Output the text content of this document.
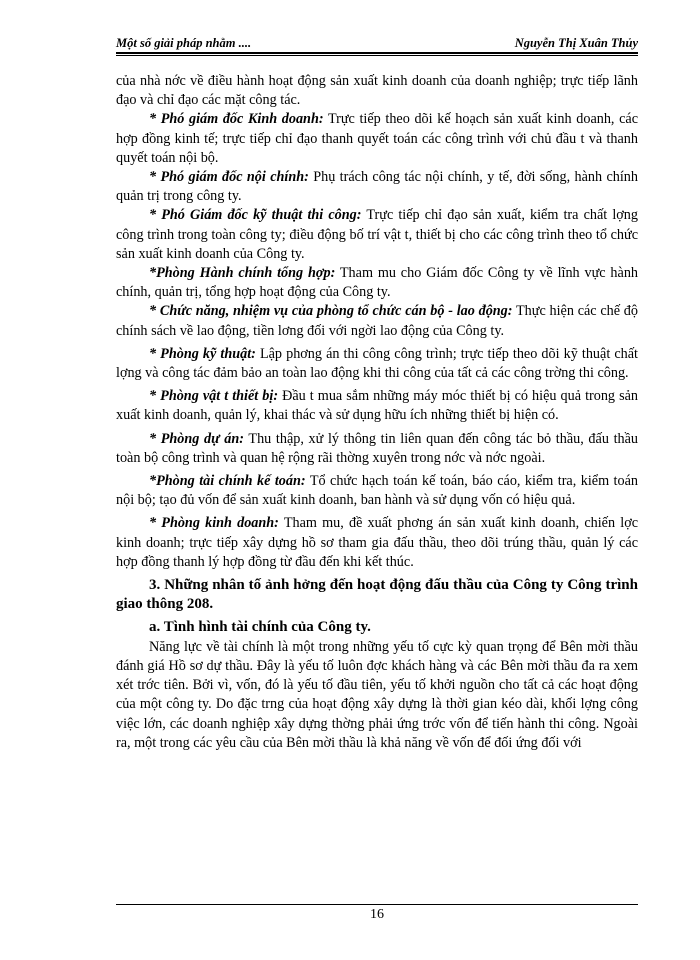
Một số giải pháp nhằm ....	Nguyễn Thị Xuân Thủy

của nhà nớc về điều hành hoạt động sản xuất kinh doanh của doanh nghiệp; trực tiếp lãnh đạo và chỉ đạo các mặt công tác.

* Phó giám đốc Kinh doanh: Trực tiếp theo dõi kế hoạch sản xuất kinh doanh, các hợp đồng kinh tế; trực tiếp chỉ đạo thanh quyết toán các công trình với chủ đầu t và thanh quyết toán nội bộ.

* Phó giám đốc nội chính: Phụ trách công tác nội chính, y tế, đời sống, hành chính quản trị trong công ty.

* Phó Giám đốc kỹ thuật thi công: Trực tiếp chỉ đạo sản xuất, kiểm tra chất lợng công trình trong toàn công ty; điều động bố trí vật t, thiết bị cho các công trình theo tổ chức sản xuất kinh doanh của Công ty.

*Phòng Hành chính tổng hợp: Tham mu cho Giám đốc Công ty về lĩnh vực hành chính, quản trị, tổng hợp hoạt động của Công ty.

* Chức năng, nhiệm vụ của phòng tổ chức cán bộ - lao động: Thực hiện các chế độ chính sách về lao động, tiền lơng đối với ngời lao động của Công ty.

* Phòng kỹ thuật: Lập phơng án thi công công trình; trực tiếp theo dõi kỹ thuật chất lợng và công tác đảm bảo an toàn lao động khi thi công của tất cả các công trờng thi công.

* Phòng vật t thiết bị: Đầu t mua sắm những máy móc thiết bị có hiệu quả trong sản xuất kinh doanh, quản lý, khai thác và sử dụng hữu ích những thiết bị hiện có.

* Phòng dự án: Thu thập, xử lý thông tin liên quan đến công tác bỏ thầu, đấu thầu toàn bộ công trình và quan hệ rộng rãi thờng xuyên trong nớc và nớc ngoài.

*Phòng tài chính kế toán: Tổ chức hạch toán kế toán, báo cáo, kiểm tra, kiểm toán nội bộ; tạo đủ vốn để sản xuất kinh doanh, ban hành và sử dụng vốn có hiệu quả.

* Phòng kinh doanh: Tham mu, đề xuất phơng án sản xuất kinh doanh, chiến lợc kinh doanh; trực tiếp xây dựng hồ sơ tham gia đấu thầu, theo dõi trúng thầu, quản lý các hợp đồng thanh lý hợp đồng từ đầu đến khi kết thúc.

3. Những nhân tố ảnh hởng đến hoạt động đấu thầu của Công ty Công trình giao thông 208.

a. Tình hình tài chính của Công ty.

Năng lực về tài chính là một trong những yếu tố cực kỳ quan trọng để Bên mời thầu đánh giá Hồ sơ dự thầu. Đây là yếu tố luôn đợc khách hàng và các Bên mời thầu đa ra xem xét trớc tiên. Bởi vì, vốn, đó là yếu tố đầu tiên, yếu tố khởi nguồn cho tất cả các hoạt động của một công ty. Do đặc trng của hoạt động xây dựng là thời gian kéo dài, khối lợng công việc lớn, các doanh nghiệp xây dựng thờng phải ứng trớc vốn để tiến hành thi công. Ngoài ra, một trong các yêu cầu của Bên mời thầu là khả năng về vốn để đối ứng đối với

16
